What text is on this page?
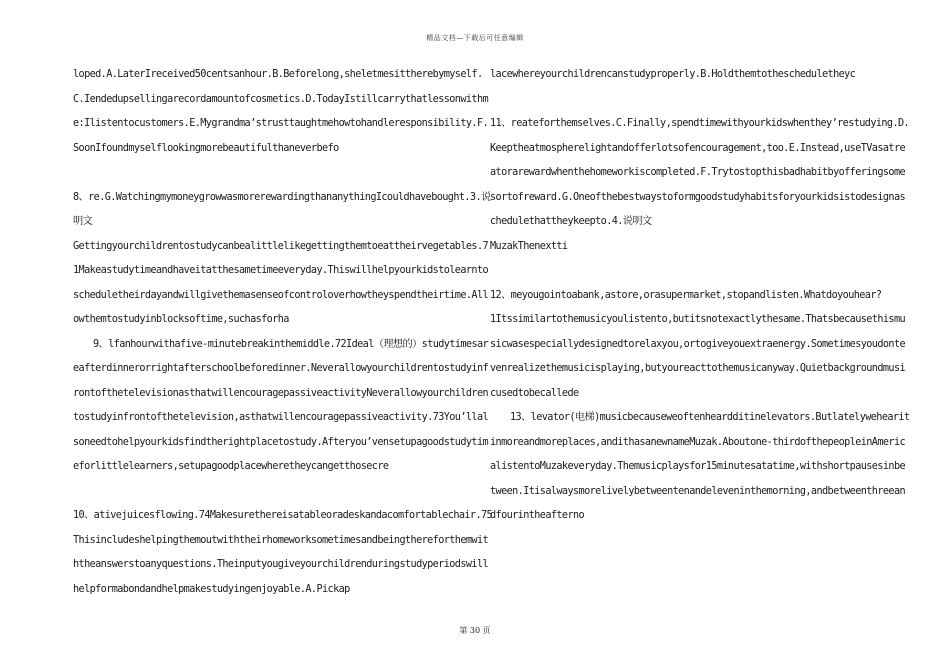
精品文档—下载后可任意编辑

loped.A.LaterIreceived50centsanhour.B.Beforelong,sheletmesittherebymyself.C.Iendedupsellingarecordamountofcosmetics.D.TodayIstillcarrythatlessonwithme:Ilistentocustomers.E.Mygrandma’strusttaughtmehowtohandleresponsibility.F.SoonIfoundmyselflookingmorebeautifulthaneverbefo

8、re.G.WatchingmymoneygrowwasmorerewardingthananythingIcouldhavebought.3.说明文

Gettingyourchildrentostudycanbealittlelikegettingthemtoeattheirvegetables.71Makeastudytimeandhaveitatthesametimeeveryday.Thiswillhelpyourkidstolearntoscheduletheirdayandwillgivethemasenseofcontroloverhowtheyspendtheirtime.Allowthemtostudyinblocksoftime,suchasforha

9、lfanhourwithafive-minutebreakinthemiddle.72Ideal（理想的）studytimesareafterdinnerorrightafterschoolbeforedinner.NeverallowyourchildrentostudyinfrontofthetelevisionasthatwillencouragepassiveactivityNeverallowyourchildrentostudyinfrontofthetelevision,asthatwillencouragepassiveactivity.73You’llalsoneedtohelpyourkidsfindtherightplacetostudy.Afteryou’vensetupagoodstudytimeforlittlelearners,setupagoodplacewheretheycangetthosecre

10、ativejuicesflowing.74Makesurethereisatableoradeskandacomfortablechair.75Thisincludeshelpingthemoutwiththeirhomeworksometimesandbeingthereforthemwiththeanswerstoanyquestions.Theinputyougiveyourchildrenduringstudyperiodswillhelpformabondandhelpmakestudyingenjoyable.A.Pickap

lacewhereyourchildrencanstudyproperly.B.Holdthemtothescheduletheyc

11、reateforthemselves.C.Finally,spendtimewithyourkidswhenthey’restudying.D.Keeptheatmospherelightandofferlotsofencouragement,too.E.Instead,useTVasatreatorarewardwhenthehomeworkiscompleted.F.Trytostopthisbadhabitbyofferingsomesortofreward.G.Oneofthebestwaystoformgoodstudyhabitsforyourkidsistodesignaschedulethattheykeepto.4.说明文

MuzakThenextti

12、meyougointoabank,astore,orasupermarket,stopandlisten.Whatdoyouhear?

1Itssimilartothemusicyoulistento,butitsnotexactlythesame.Thatsbecausethismusicwasespeciallydesignedtorelaxyou,ortogiveyouextraenergy.Sometimesyoudontevenrealizethemusicisplaying,butyoureacttothemusicanyway.Quietbackgroundmusicusedtobecallede

13、levator(电梯)musicbecauseweoftenheardditinelevators.Butlatelywehearitinmoreandmoreplaces,andithasanewnameMuzak.Aboutone-thirdofthepeopleinAmericalistentoMuzakeveryday.Themusicplaysfor15minutesatatime,withshortpausesinbetween.Itisalwaysmorelivelybetweentenandeleveninthemorning,andbetweenthreeandfourintheafterno

第 30 页
